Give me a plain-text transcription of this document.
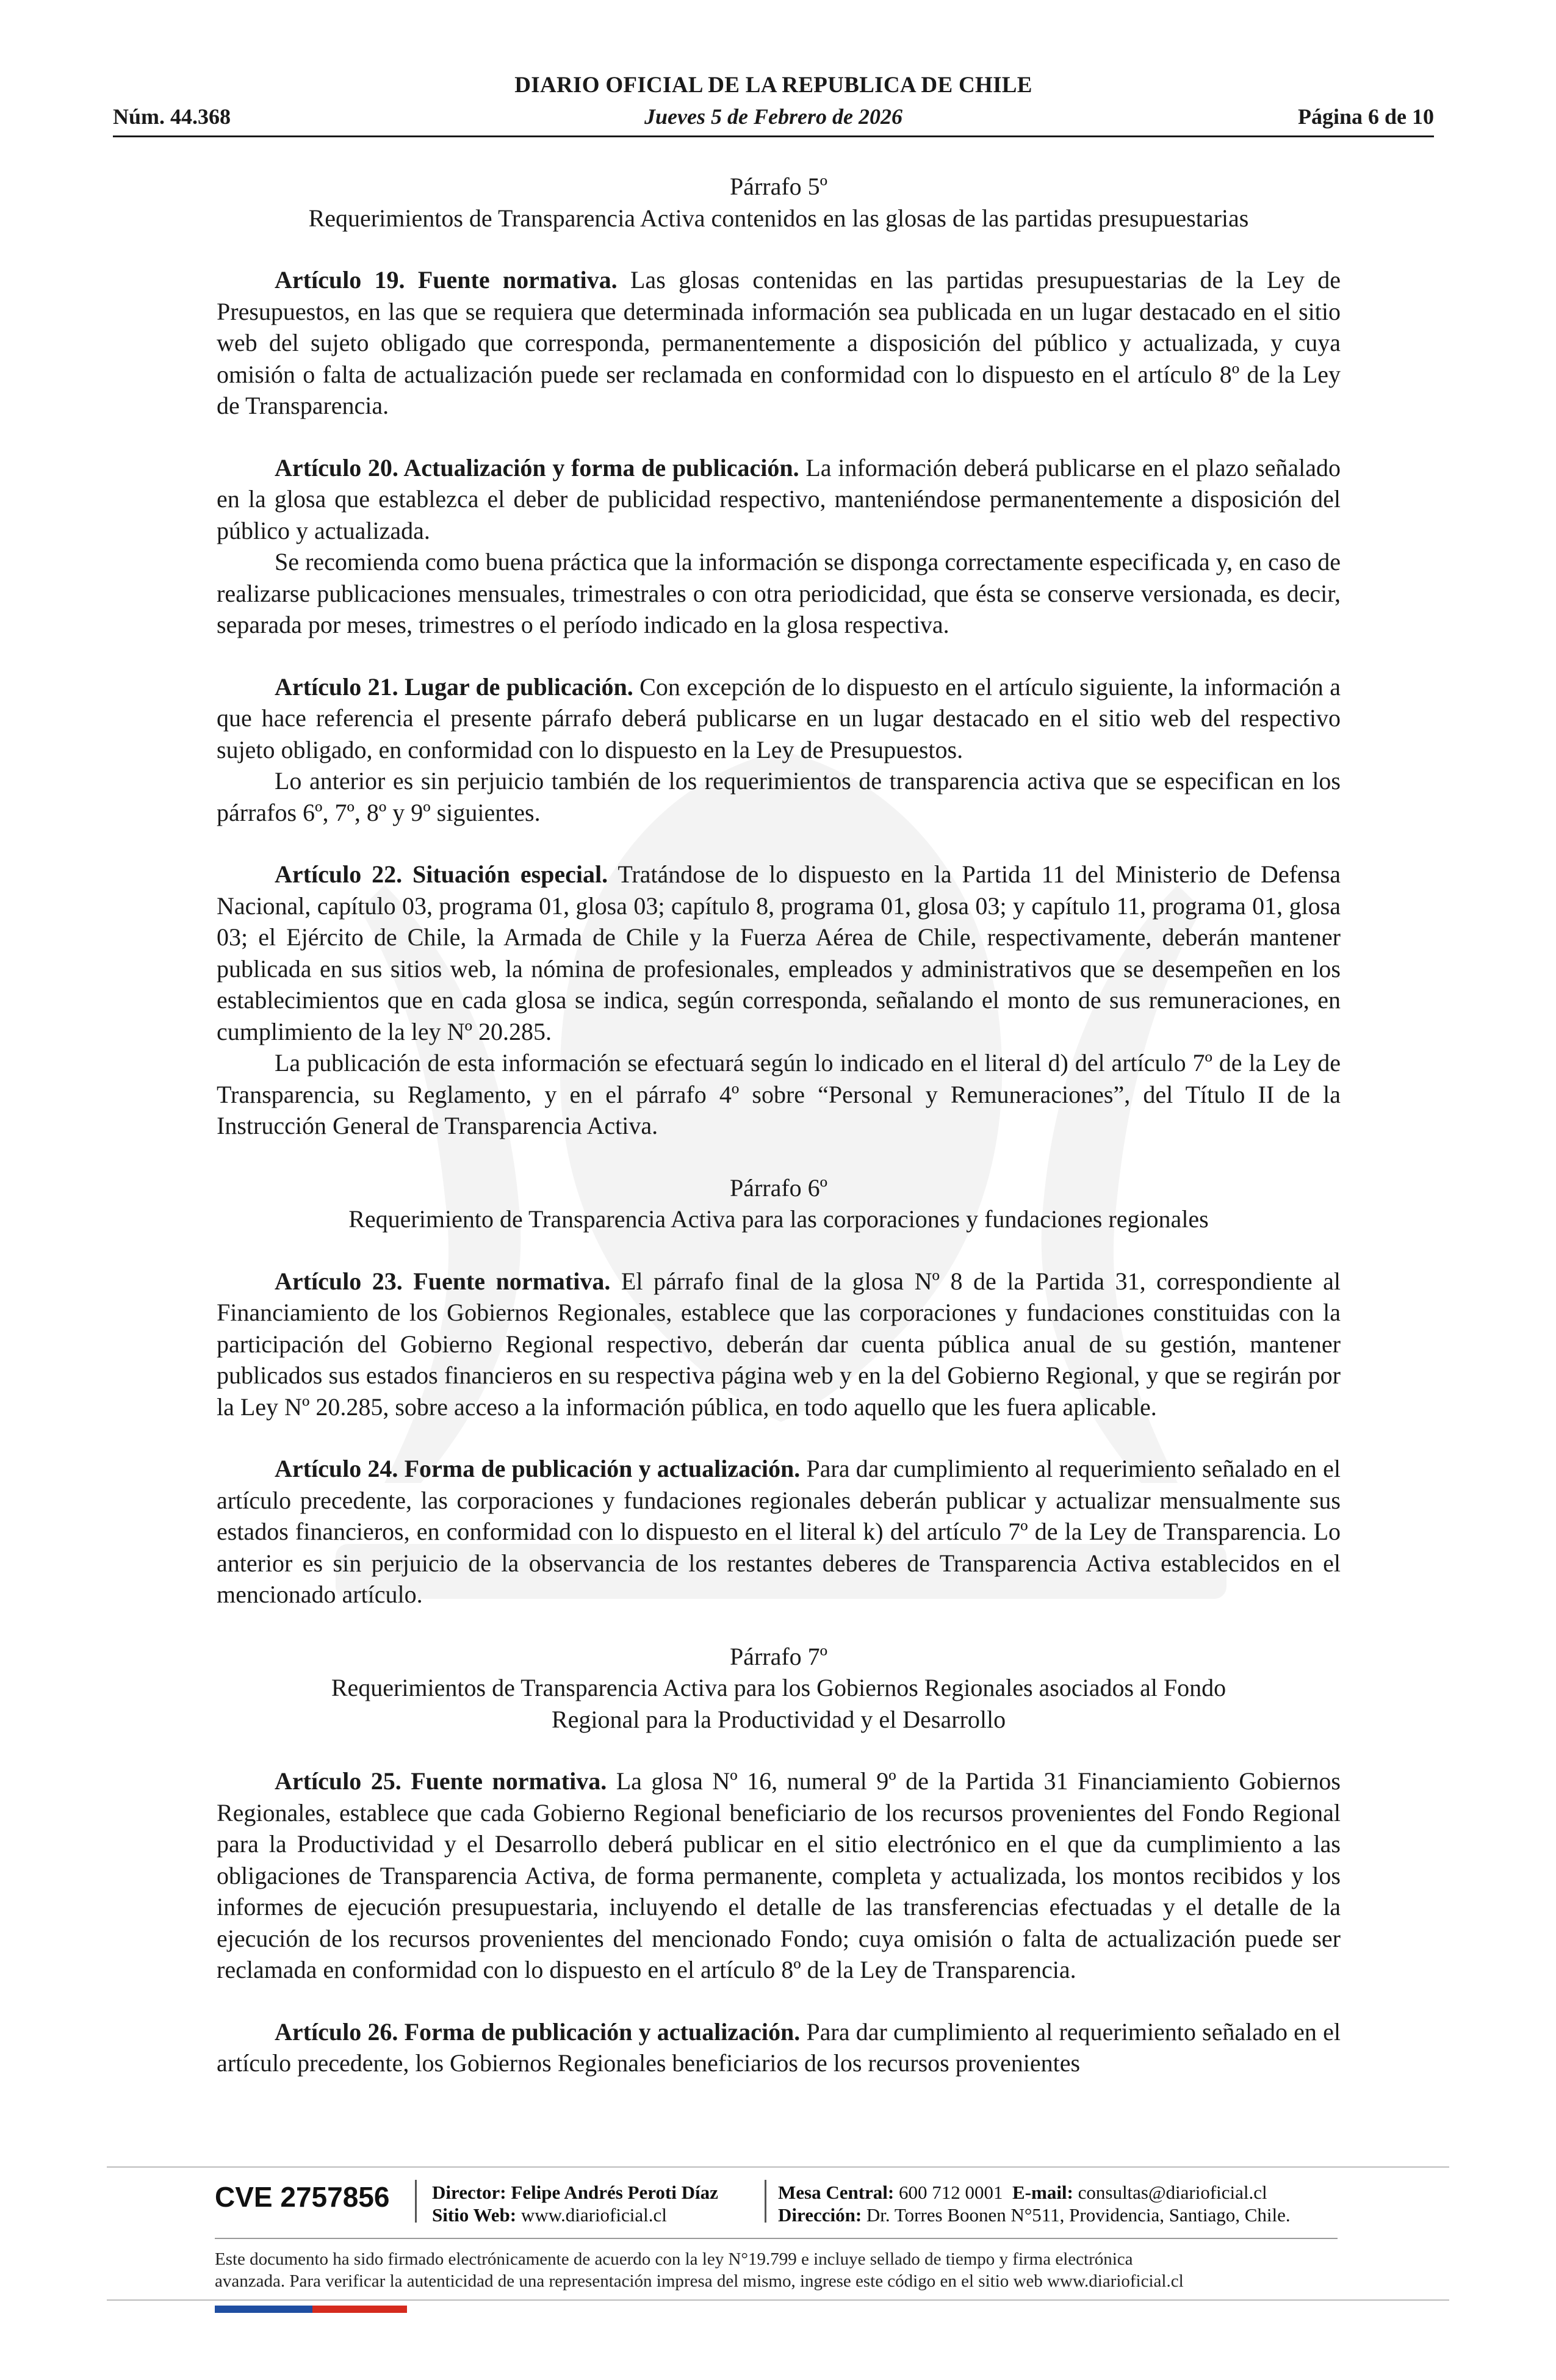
DIARIO OFICIAL DE LA REPUBLICA DE CHILE
Núm. 44.368	Jueves 5 de Febrero de 2026	Página 6 de 10

Párrafo 5º

Requerimientos de Transparencia Activa contenidos en las glosas de las partidas presupuestarias

Artículo 19. Fuente normativa. Las glosas contenidas en las partidas presupuestarias de la Ley de Presupuestos, en las que se requiera que determinada información sea publicada en un lugar destacado en el sitio web del sujeto obligado que corresponda, permanentemente a disposición del público y actualizada, y cuya omisión o falta de actualización puede ser reclamada en conformidad con lo dispuesto en el artículo 8º de la Ley de Transparencia.

Artículo 20. Actualización y forma de publicación. La información deberá publicarse en el plazo señalado en la glosa que establezca el deber de publicidad respectivo, manteniéndose permanentemente a disposición del público y actualizada.

Se recomienda como buena práctica que la información se disponga correctamente especificada y, en caso de realizarse publicaciones mensuales, trimestrales o con otra periodicidad, que ésta se conserve versionada, es decir, separada por meses, trimestres o el período indicado en la glosa respectiva.

Artículo 21. Lugar de publicación. Con excepción de lo dispuesto en el artículo siguiente, la información a que hace referencia el presente párrafo deberá publicarse en un lugar destacado en el sitio web del respectivo sujeto obligado, en conformidad con lo dispuesto en la Ley de Presupuestos.

Lo anterior es sin perjuicio también de los requerimientos de transparencia activa que se especifican en los párrafos 6º, 7º, 8º y 9º siguientes.

Artículo 22. Situación especial. Tratándose de lo dispuesto en la Partida 11 del Ministerio de Defensa Nacional, capítulo 03, programa 01, glosa 03; capítulo 8, programa 01, glosa 03; y capítulo 11, programa 01, glosa 03; el Ejército de Chile, la Armada de Chile y la Fuerza Aérea de Chile, respectivamente, deberán mantener publicada en sus sitios web, la nómina de profesionales, empleados y administrativos que se desempeñen en los establecimientos que en cada glosa se indica, según corresponda, señalando el monto de sus remuneraciones, en cumplimiento de la ley Nº 20.285.

La publicación de esta información se efectuará según lo indicado en el literal d) del artículo 7º de la Ley de Transparencia, su Reglamento, y en el párrafo 4º sobre “Personal y Remuneraciones”, del Título II de la Instrucción General de Transparencia Activa.

Párrafo 6º

Requerimiento de Transparencia Activa para las corporaciones y fundaciones regionales

Artículo 23. Fuente normativa. El párrafo final de la glosa Nº 8 de la Partida 31, correspondiente al Financiamiento de los Gobiernos Regionales, establece que las corporaciones y fundaciones constituidas con la participación del Gobierno Regional respectivo, deberán dar cuenta pública anual de su gestión, mantener publicados sus estados financieros en su respectiva página web y en la del Gobierno Regional, y que se regirán por la Ley Nº 20.285, sobre acceso a la información pública, en todo aquello que les fuera aplicable.

Artículo 24. Forma de publicación y actualización. Para dar cumplimiento al requerimiento señalado en el artículo precedente, las corporaciones y fundaciones regionales deberán publicar y actualizar mensualmente sus estados financieros, en conformidad con lo dispuesto en el literal k) del artículo 7º de la Ley de Transparencia. Lo anterior es sin perjuicio de la observancia de los restantes deberes de Transparencia Activa establecidos en el mencionado artículo.

Párrafo 7º

Requerimientos de Transparencia Activa para los Gobiernos Regionales asociados al Fondo

Regional para la Productividad y el Desarrollo

Artículo 25. Fuente normativa. La glosa Nº 16, numeral 9º de la Partida 31 Financiamiento Gobiernos Regionales, establece que cada Gobierno Regional beneficiario de los recursos provenientes del Fondo Regional para la Productividad y el Desarrollo deberá publicar en el sitio electrónico en el que da cumplimiento a las obligaciones de Transparencia Activa, de forma permanente, completa y actualizada, los montos recibidos y los informes de ejecución presupuestaria, incluyendo el detalle de las transferencias efectuadas y el detalle de la ejecución de los recursos provenientes del mencionado Fondo; cuya omisión o falta de actualización puede ser reclamada en conformidad con lo dispuesto en el artículo 8º de la Ley de Transparencia.

Artículo 26. Forma de publicación y actualización. Para dar cumplimiento al requerimiento señalado en el artículo precedente, los Gobiernos Regionales beneficiarios de los recursos provenientes

CVE 2757856 Director: Felipe Andrés Peroti Díaz
Sitio Web: www.diarioficial.cl
Mesa Central: 600 712 0001 E-mail: consultas@diarioficial.cl
Dirección: Dr. Torres Boonen N°511, Providencia, Santiago, Chile.
Este documento ha sido firmado electrónicamente de acuerdo con la ley N°19.799 e incluye sellado de tiempo y firma electrónica
avanzada. Para verificar la autenticidad de una representación impresa del mismo, ingrese este código en el sitio web www.diarioficial.cl
